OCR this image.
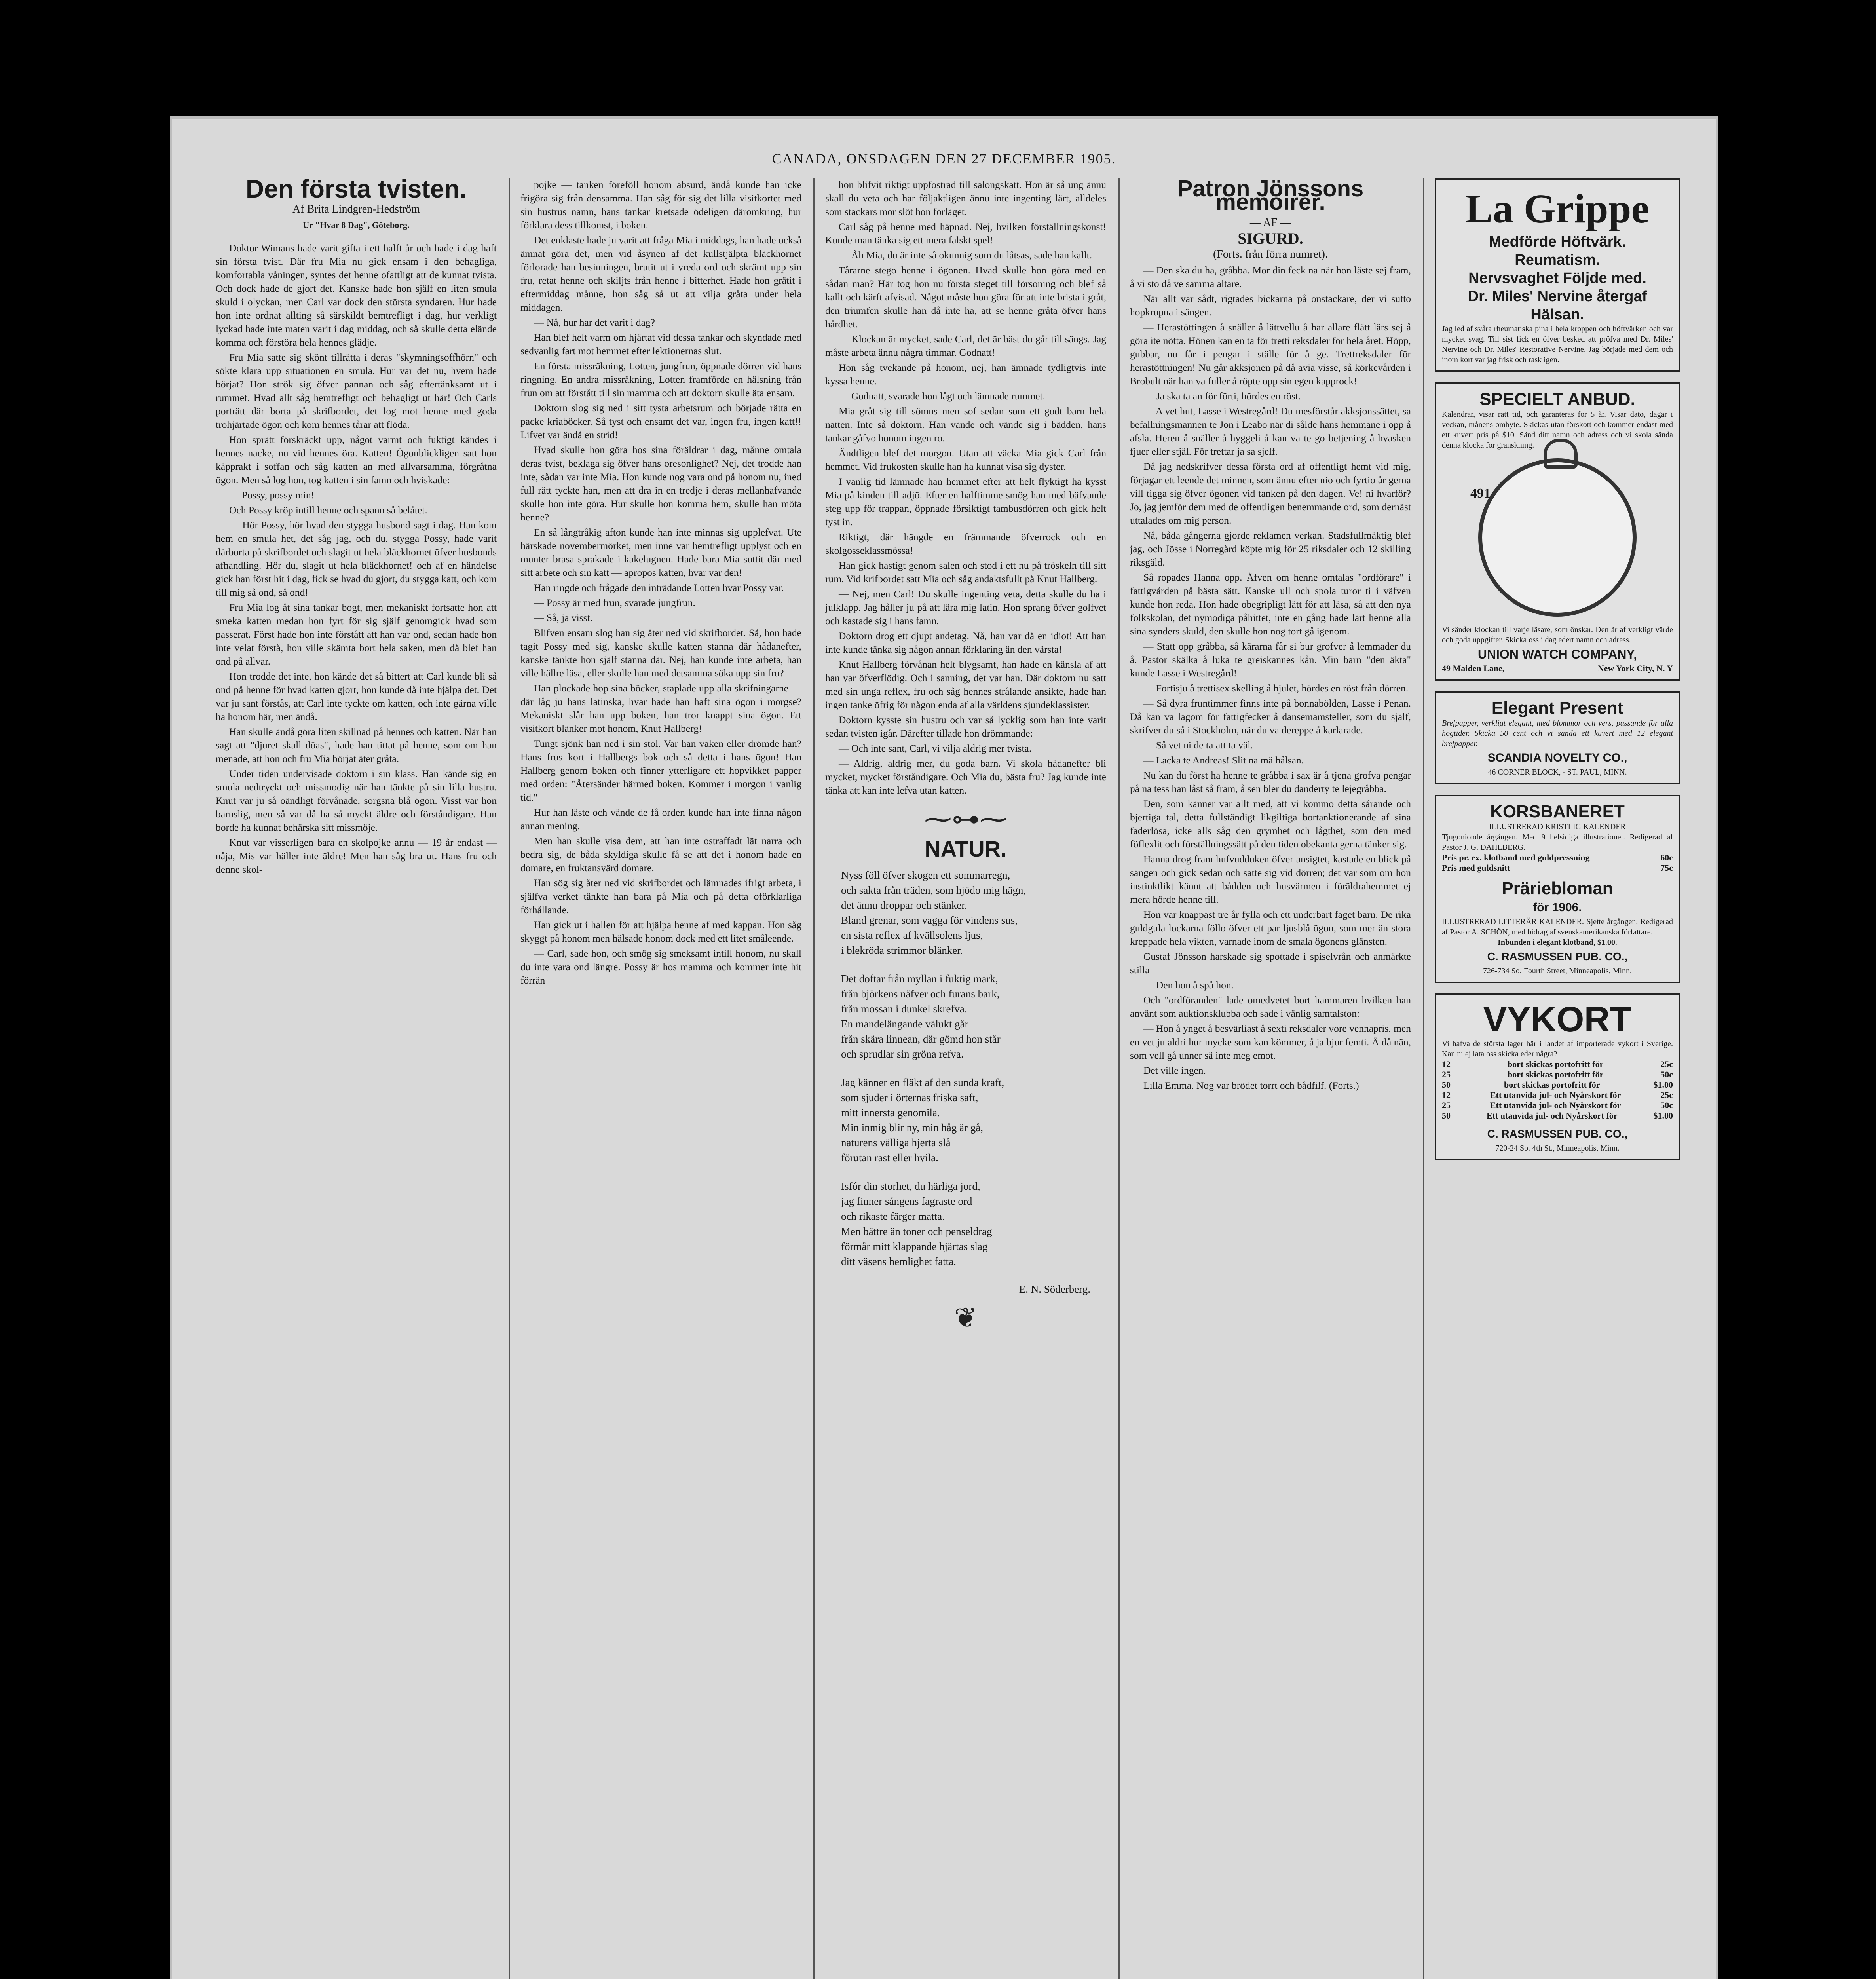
CANADA, ONSDAGEN DEN 27 DECEMBER 1905.
Den första tvisten.
Af Brita Lindgren-Hedström
Ur "Hvar 8 Dag", Göteborg.

Doktor Wimans hade varit gifta i ett halft år och hade i dag haft sin första tvist. Där fru Mia nu gick ensam i den behagliga, komfortabla våningen, syntes det henne ofattligt att de kunnat tvista. Och dock hade de gjort det. Kanske hade hon själf en liten smula skuld i olyckan, men Carl var dock den största syndaren. Hur hade hon inte ordnat allting så särskildt bemtrefligt i dag, hur verkligt lyckad hade inte maten varit i dag middag, och så skulle detta elände komma och förstöra hela hennes glädje.

Fru Mia satte sig skönt tillrätta i deras "skymningsoffhörn" och sökte klara upp situationen en smula. Hur var det nu, hvem hade börjat? Hon strök sig öfver pannan och såg eftertänksamt ut i rummet. Hvad allt såg hemtrefligt och behagligt ut här! Och Carls porträtt där borta på skrifbordet, det log mot henne med goda trohjärtade ögon och kom hennes tårar att flöda.

Hon sprätt förskräckt upp, något varmt och fuktigt kändes i hennes nacke, nu vid hennes öra. Katten! Ögonblickligen satt hon käpprakt i soffan och såg katten an med allvarsamma, förgråtna ögon. Men så log hon, tog katten i sin famn och hviskade:

— Possy, possy min!

Och Possy kröp intill henne och spann så belåtet.

— Hör Possy, hör hvad den stygga husbond sagt i dag. Han kom hem en smula het, det såg jag, och du, stygga Possy, hade varit därborta på skrifbordet och slagit ut hela bläckhornet öfver husbonds afhandling. Hör du, slagit ut hela bläckhornet! och af en händelse gick han först hit i dag, fick se hvad du gjort, du stygga katt, och kom till mig så ond, så ond!

Fru Mia log åt sina tankar bogt, men mekaniskt fortsatte hon att smeka katten medan hon fyrt för sig själf genomgick hvad som passerat. Först hade hon inte förstått att han var ond, sedan hade hon inte velat förstå, hon ville skämta bort hela saken, men då blef han ond på allvar.

Hon trodde det inte, hon kände det så bittert att Carl kunde bli så ond på henne för hvad katten gjort, hon kunde då inte hjälpa det. Det var ju sant förstås, att Carl inte tyckte om katten, och inte gärna ville ha honom här, men ändå.

Han skulle ändå göra liten skillnad på hennes och katten. När han sagt att "djuret skall döas", hade han tittat på henne, som om han menade, att hon och fru Mia börjat äter gråta.

Under tiden undervisade doktorn i sin klass. Han kände sig en smula nedtryckt och missmodig när han tänkte på sin lilla hustru. Knut var ju så oändligt förvånade, sorgsna blå ögon. Visst var hon barnslig, men så var då ha så myckt äldre och förståndigare. Han borde ha kunnat behärska sitt missmöje.

Knut var visserligen bara en skolpojke annu — 19 år endast — nåja, Mis var häller inte äldre! Men han såg bra ut. Hans fru och denne skol-

pojke — tanken föreföll honom absurd, ändå kunde han icke frigöra sig från densamma. Han såg för sig det lilla visitkortet med sin hustrus namn, hans tankar kretsade ödeligen däromkring, hur förklara dess tillkomst, i boken.

Det enklaste hade ju varit att fråga Mia i middags, han hade också ämnat göra det, men vid åsynen af det kullstjälpta bläckhornet förlorade han besinningen, brutit ut i vreda ord och skrämt upp sin fru, retat henne och skiljts från henne i bitterhet. Hade hon grätit i eftermiddag månne, hon såg så ut att vilja gråta under hela middagen.

— Nå, hur har det varit i dag?

Han blef helt varm om hjärtat vid dessa tankar och skyndade med sedvanlig fart mot hemmet efter lektionernas slut.

En första missräkning, Lotten, jungfrun, öppnade dörren vid hans ringning. En andra missräkning, Lotten framförde en hälsning från frun om att förstått till sin mamma och att doktorn skulle äta ensam.

Doktorn slog sig ned i sitt tysta arbetsrum och började rätta en packe kriaböcker. Så tyst och ensamt det var, ingen fru, ingen katt!! Lifvet var ändå en strid!

Hvad skulle hon göra hos sina föräldrar i dag, månne omtala deras tvist, beklaga sig öfver hans oresonlighet? Nej, det trodde han inte, sådan var inte Mia. Hon kunde nog vara ond på honom nu, ined full rätt tyckte han, men att dra in en tredje i deras mellanhafvande skulle hon inte göra. Hur skulle hon komma hem, skulle han möta henne?

En så långtråkig afton kunde han inte minnas sig upplefvat. Ute härskade novembermörket, men inne var hemtrefligt upplyst och en munter brasa sprakade i kakelugnen. Hade bara Mia suttit där med sitt arbete och sin katt — apropos katten, hvar var den!

Han ringde och frågade den inträdande Lotten hvar Possy var.

— Possy är med frun, svarade jungfrun.

— Så, ja visst.

Blifven ensam slog han sig åter ned vid skrifbordet. Så, hon hade tagit Possy med sig, kanske skulle katten stanna där hådanefter, kanske tänkte hon själf stanna där. Nej, han kunde inte arbeta, han ville hällre läsa, eller skulle han med detsamma söka upp sin fru?

Han plockade hop sina böcker, staplade upp alla skrifningarne — där låg ju hans latinska, hvar hade han haft sina ögon i morgse? Mekaniskt slår han upp boken, han tror knappt sina ögon. Ett visitkort blänker mot honom, Knut Hallberg!

Tungt sjönk han ned i sin stol. Var han vaken eller drömde han? Hans frus kort i Hallbergs bok och så detta i hans ögon! Han Hallberg genom boken och finner ytterligare ett hopvikket papper med orden: "Återsänder härmed boken. Kommer i morgon i vanlig tid."

Hur han läste och vände de få orden kunde han inte finna någon annan mening.

Men han skulle visa dem, att han inte ostraffadt lät narra och bedra sig, de båda skyldiga skulle få se att det i honom hade en domare, en fruktansvärd domare.

Han sög sig åter ned vid skrifbordet och lämnades ifrigt arbeta, i själfva verket tänkte han bara på Mia och på detta oförklarliga förhållande.

Han gick ut i hallen för att hjälpa henne af med kappan. Hon såg skyggt på honom men hälsade honom dock med ett litet småleende.

— Carl, sade hon, och smög sig smeksamt intill honom, nu skall du inte vara ond längre. Possy är hos mamma och kommer inte hit förrän

hon blifvit riktigt uppfostrad till salongskatt. Hon är så ung ännu skall du veta och har följaktligen ännu inte ingenting lärt, alldeles som stackars mor slöt hon förläget.

Carl såg på henne med häpnad. Nej, hvilken förställningskonst! Kunde man tänka sig ett mera falskt spel!

— Åh Mia, du är inte så okunnig som du låtsas, sade han kallt.

Tårarne stego henne i ögonen. Hvad skulle hon göra med en sådan man? Här tog hon nu första steget till försoning och blef så kallt och kärft afvisad. Något måste hon göra för att inte brista i gråt, den triumfen skulle han då inte ha, att se henne gråta öfver hans hårdhet.

— Klockan är mycket, sade Carl, det är bäst du går till sängs. Jag måste arbeta ännu några timmar. Godnatt!

Hon såg tvekande på honom, nej, han ämnade tydligtvis inte kyssa henne.

— Godnatt, svarade hon lågt och lämnade rummet.

Mia gråt sig till sömns men sof sedan som ett godt barn hela natten. Inte så doktorn. Han vände och vände sig i bädden, hans tankar gåfvo honom ingen ro.

Ändtligen blef det morgon. Utan att väcka Mia gick Carl från hemmet. Vid frukosten skulle han ha kunnat visa sig dyster.

I vanlig tid lämnade han hemmet efter att helt flyktigt ha kysst Mia på kinden till adjö. Efter en halftimme smög han med bäfvande steg upp för trappan, öppnade försiktigt tambusdörren och gick helt tyst in.

Riktigt, där hängde en främmande öfverrock och en skolgosseklassmössa!

Han gick hastigt genom salen och stod i ett nu på tröskeln till sitt rum. Vid krifbordet satt Mia och såg andaktsfullt på Knut Hallberg.

— Nej, men Carl! Du skulle ingenting veta, detta skulle du ha i julklapp. Jag håller ju på att lära mig latin. Hon sprang öfver golfvet och kastade sig i hans famn.

Doktorn drog ett djupt andetag. Nå, han var då en idiot! Att han inte kunde tänka sig någon annan förklaring än den värsta!

Knut Hallberg förvånan helt blygsamt, han hade en känsla af att han var öfverflödig. Och i sanning, det var han. Där doktorn nu satt med sin unga reflex, fru och såg hennes strålande ansikte, hade han ingen tanke öfrig för någon enda af alla världens sjundeklassister.

Doktorn kysste sin hustru och var så lycklig som han inte varit sedan tvisten igår. Därefter tillade hon drömmande:

— Och inte sant, Carl, vi vilja aldrig mer tvista.

— Aldrig, aldrig mer, du goda barn. Vi skola hädanefter bli mycket, mycket förståndigare. Och Mia du, bästa fru? Jag kunde inte tänka att kan inte lefva utan katten.

⁓⊶⁓
NATUR.
Nyss föll öfver skogen ett sommarregn,
och sakta från träden, som hjödo mig hägn,
det ännu droppar och stänker.
Bland grenar, som vagga för vindens sus,
en sista reflex af kvällsolens ljus,
i blekröda strimmor blänker.
Det doftar från myllan i fuktig mark,
från björkens näfver och furans bark,
från mossan i dunkel skrefva.
En mandelängande välukt går
från skära linnean, där gömd hon står
och sprudlar sin gröna refva.
Jag känner en fläkt af den sunda kraft,
som sjuder i örternas friska saft,
mitt innersta genomila.
Min inmig blir ny, min håg är gå,
naturens välliga hjerta slå
förutan rast eller hvila.
Isfór din storhet, du härliga jord,
jag finner sångens fagraste ord
och rikaste färger matta.
Men bättre än toner och penseldrag
förmår mitt klappande hjärtas slag
ditt väsens hemlighet fatta.
E. N. Söderberg.
❦
Patron Jönssons memoirer.
— AF —
SIGURD.
(Forts. från förra numret).

— Den ska du ha, gråbba. Mor din feck na när hon läste sej fram, å vi sto då ve samma altare.

När allt var sådt, rigtades bickarna på onstackare, der vi sutto hopkrupna i sängen.

— Herastöttingen å snäller å lättvellu å har allare flätt lärs sej å göra ite nötta. Hönen kan en ta för tretti reksdaler för hela året. Höpp, gubbar, nu får i pengar i ställe för å ge. Trettreksdaler för herastöttningen! Nu går akksjonen på då avia visse, så körkevården i Brobult när han va fuller å röpte opp sin egen kapprock!

— Ja ska ta an för förti, hördes en röst.

— A vet hut, Lasse i Westregård! Du mesförstår akksjonssättet, sa befallningsmannen te Jon i Leabo när di sålde hans hemmane i opp å afsla. Heren å snäller å hyggeli å kan va te go betjening å hvasken fjuer eller stjäl. För trettar ja sa sjelf.

Då jag nedskrifver dessa första ord af offentligt hemt vid mig, förjagar ett leende det minnen, som ännu efter nio och fyrtio år gerna vill tigga sig öfver ögonen vid tanken på den dagen. Ve! ni hvarför? Jo, jag jemför dem med de offentligen benemmande ord, som dernäst uttalades om mig person.

Nå, båda gångerna gjorde reklamen verkan. Stadsfullmäktig blef jag, och Jösse i Norregård köpte mig för 25 riksdaler och 12 skilling riksgäld.

Så ropades Hanna opp. Äfven om henne omtalas "ordförare" i fattigvården på bästa sätt. Kanske ull och spola turor ti i väfven kunde hon reda. Hon hade obegripligt lätt för att läsa, så att den nya folkskolan, det nymodiga påhittet, inte en gång hade lärt henne alla sina synders skuld, den skulle hon nog tort gå igenom.

— Statt opp gråbba, så kärarna får si bur grofver å lemmader du å. Pastor skälka å luka te greiskannes kån. Min barn "den äkta" kunde Lasse i Westregård!

— Fortisju å trettisex skelling å hjulet, hördes en röst från dörren.

— Så dyra fruntimmer finns inte på bonnabölden, Lasse i Penan. Då kan va lagom för fattigfecker å dansemamsteller, som du själf, skrifver du så i Stockholm, när du va dereppe å karlarade.

— Så vet ni de ta att ta väl.

— Lacka te Andreas! Slit na mä hålsan.

Nu kan du först ha henne te gråbba i sax är å tjena grofva pengar på na tess han låst så fram, å sen bler du danderty te lejegråbba.

Den, som känner var allt med, att vi kommo detta sårande och bjertiga tal, detta fullständigt likgiltiga bortanktionerande af sina faderlösa, icke alls såg den grymhet och lågthet, som den med föflexlit och förställningssätt på den tiden obekanta gerna tänker sig.

Hanna drog fram hufvudduken öfver ansigtet, kastade en blick på sängen och gick sedan och satte sig vid dörren; det var som om hon instinktlikt kännt att bådden och husvärmen i föräldrahemmet ej mera hörde henne till.

Hon var knappast tre år fylla och ett underbart faget barn. De rika guldgula lockarna föllo öfver ett par ljusblå ögon, som mer än stora kreppade hela vikten, varnade inom de smala ögonens glänsten.

Gustaf Jönsson harskade sig spottade i spiselvrån och anmärkte stilla

— Den hon å spå hon.

Och "ordföranden" lade omedvetet bort hammaren hvilken han använt som auktionsklubba och sade i vänlig samtalston:

— Hon å ynget å besvärliast å sexti reksdaler vore vennapris, men en vet ju aldri hur mycke som kan kömmer, å ja bjur femti. Å då nän, som vell gå unner sä inte meg emot.

Det ville ingen.

Lilla Emma. Nog var brödet torrt och bådfilf. (Forts.)

La Grippe
Medförde Höftvärk.
Reumatism.
Nervsvaghet Följde med.
Dr. Miles' Nervine återgaf Hälsan.
Jag led af svåra rheumatiska pina i hela kroppen och höftvärken och var mycket svag. Till sist fick en öfver besked att pröfva med Dr. Miles' Nervine och Dr. Miles' Restorative Nervine. Jag började med dem och inom kort var jag frisk och rask igen.
SPECIELT ANBUD.
Kalendrar, visar rätt tid, och garanteras för 5 år. Visar dato, dagar i veckan, månens ombyte. Skickas utan förskott och kommer endast med ett kuvert pris på $10. Sänd ditt namn och adress och vi skola sända denna klocka för granskning.
491
Vi sänder klockan till varje läsare, som önskar. Den är af verkligt värde och goda uppgifter. Skicka oss i dag edert namn och adress.
UNION WATCH COMPANY,
49 Maiden Lane,	New York City, N. Y
Elegant Present
Brefpapper, verkligt elegant, med blommor och vers, passande för alla högtider. Skicka 50 cent och vi sända ett kuvert med 12 elegant brefpapper.
SCANDIA NOVELTY CO.,
46 CORNER BLOCK, - ST. PAUL, MINN.
KORSBANERET
ILLUSTRERAD KRISTLIG KALENDER
Tjugonionde årgången. Med 9 helsidiga illustrationer. Redigerad af Pastor J. G. DAHLBERG.
Pris pr. ex. klotband med guldpressning	60c
Pris med guldsnitt	75c
Präriebloman
för 1906.
ILLUSTRERAD LITTERÄR KALENDER. Sjette årgången. Redigerad af Pastor A. SCHÖN, med bidrag af svenskamerikanska författare.
Inbunden i elegant klotband, $1.00.
C. RASMUSSEN PUB. CO.,
726-734 So. Fourth Street, Minneapolis, Minn.
VYKORT
Vi hafva de största lager här i landet af importerade vykort i Sverige. Kan ni ej lata oss skicka eder några?
12	bort skickas portofritt för	25c
25	bort skickas portofritt för	50c
50	bort skickas portofritt för	$1.00
12	Ett utanvida jul- och Nyårskort för	25c
25	Ett utanvida jul- och Nyårskort för	50c
50	Ett utanvida jul- och Nyårskort för	$1.00
C. RASMUSSEN PUB. CO.,
720-24 So. 4th St., Minneapolis, Minn.
